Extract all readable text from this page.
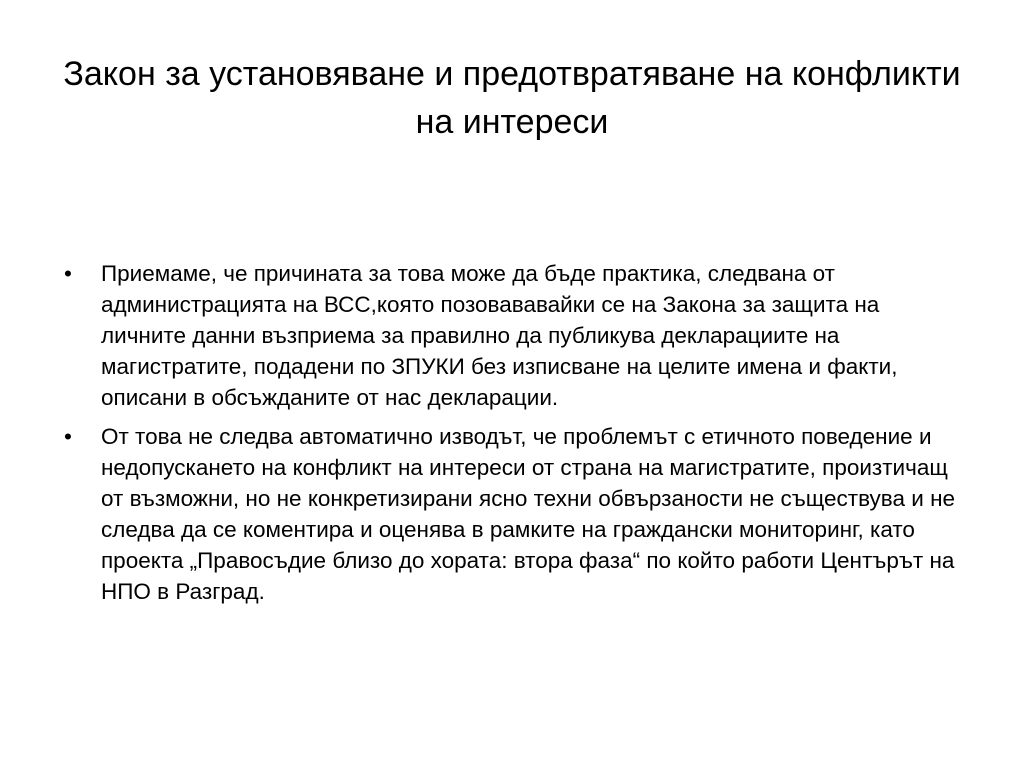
Закон за установяване и предотвратяване на конфликти на интереси
• Приемаме, че причината за това може да бъде практика, следвана от администрацията на ВСС,която позовававайки се на Закона за защита на личните данни възприема за правилно да публикува декларациите на магистратите, подадени по ЗПУКИ без изписване на целите имена и факти, описани в обсъжданите от нас декларации.
• От това не следва автоматично изводът, че проблемът с етичното поведение и недопускането на конфликт на интереси от страна на магистратите, произтичащ от възможни, но не конкретизирани ясно техни обвързаности не съществува и не следва да се коментира и оценява в рамките на граждански мониторинг, като проекта „Правосъдие близо до хората: втора фаза“ по който работи Центърът на НПО в Разград.
